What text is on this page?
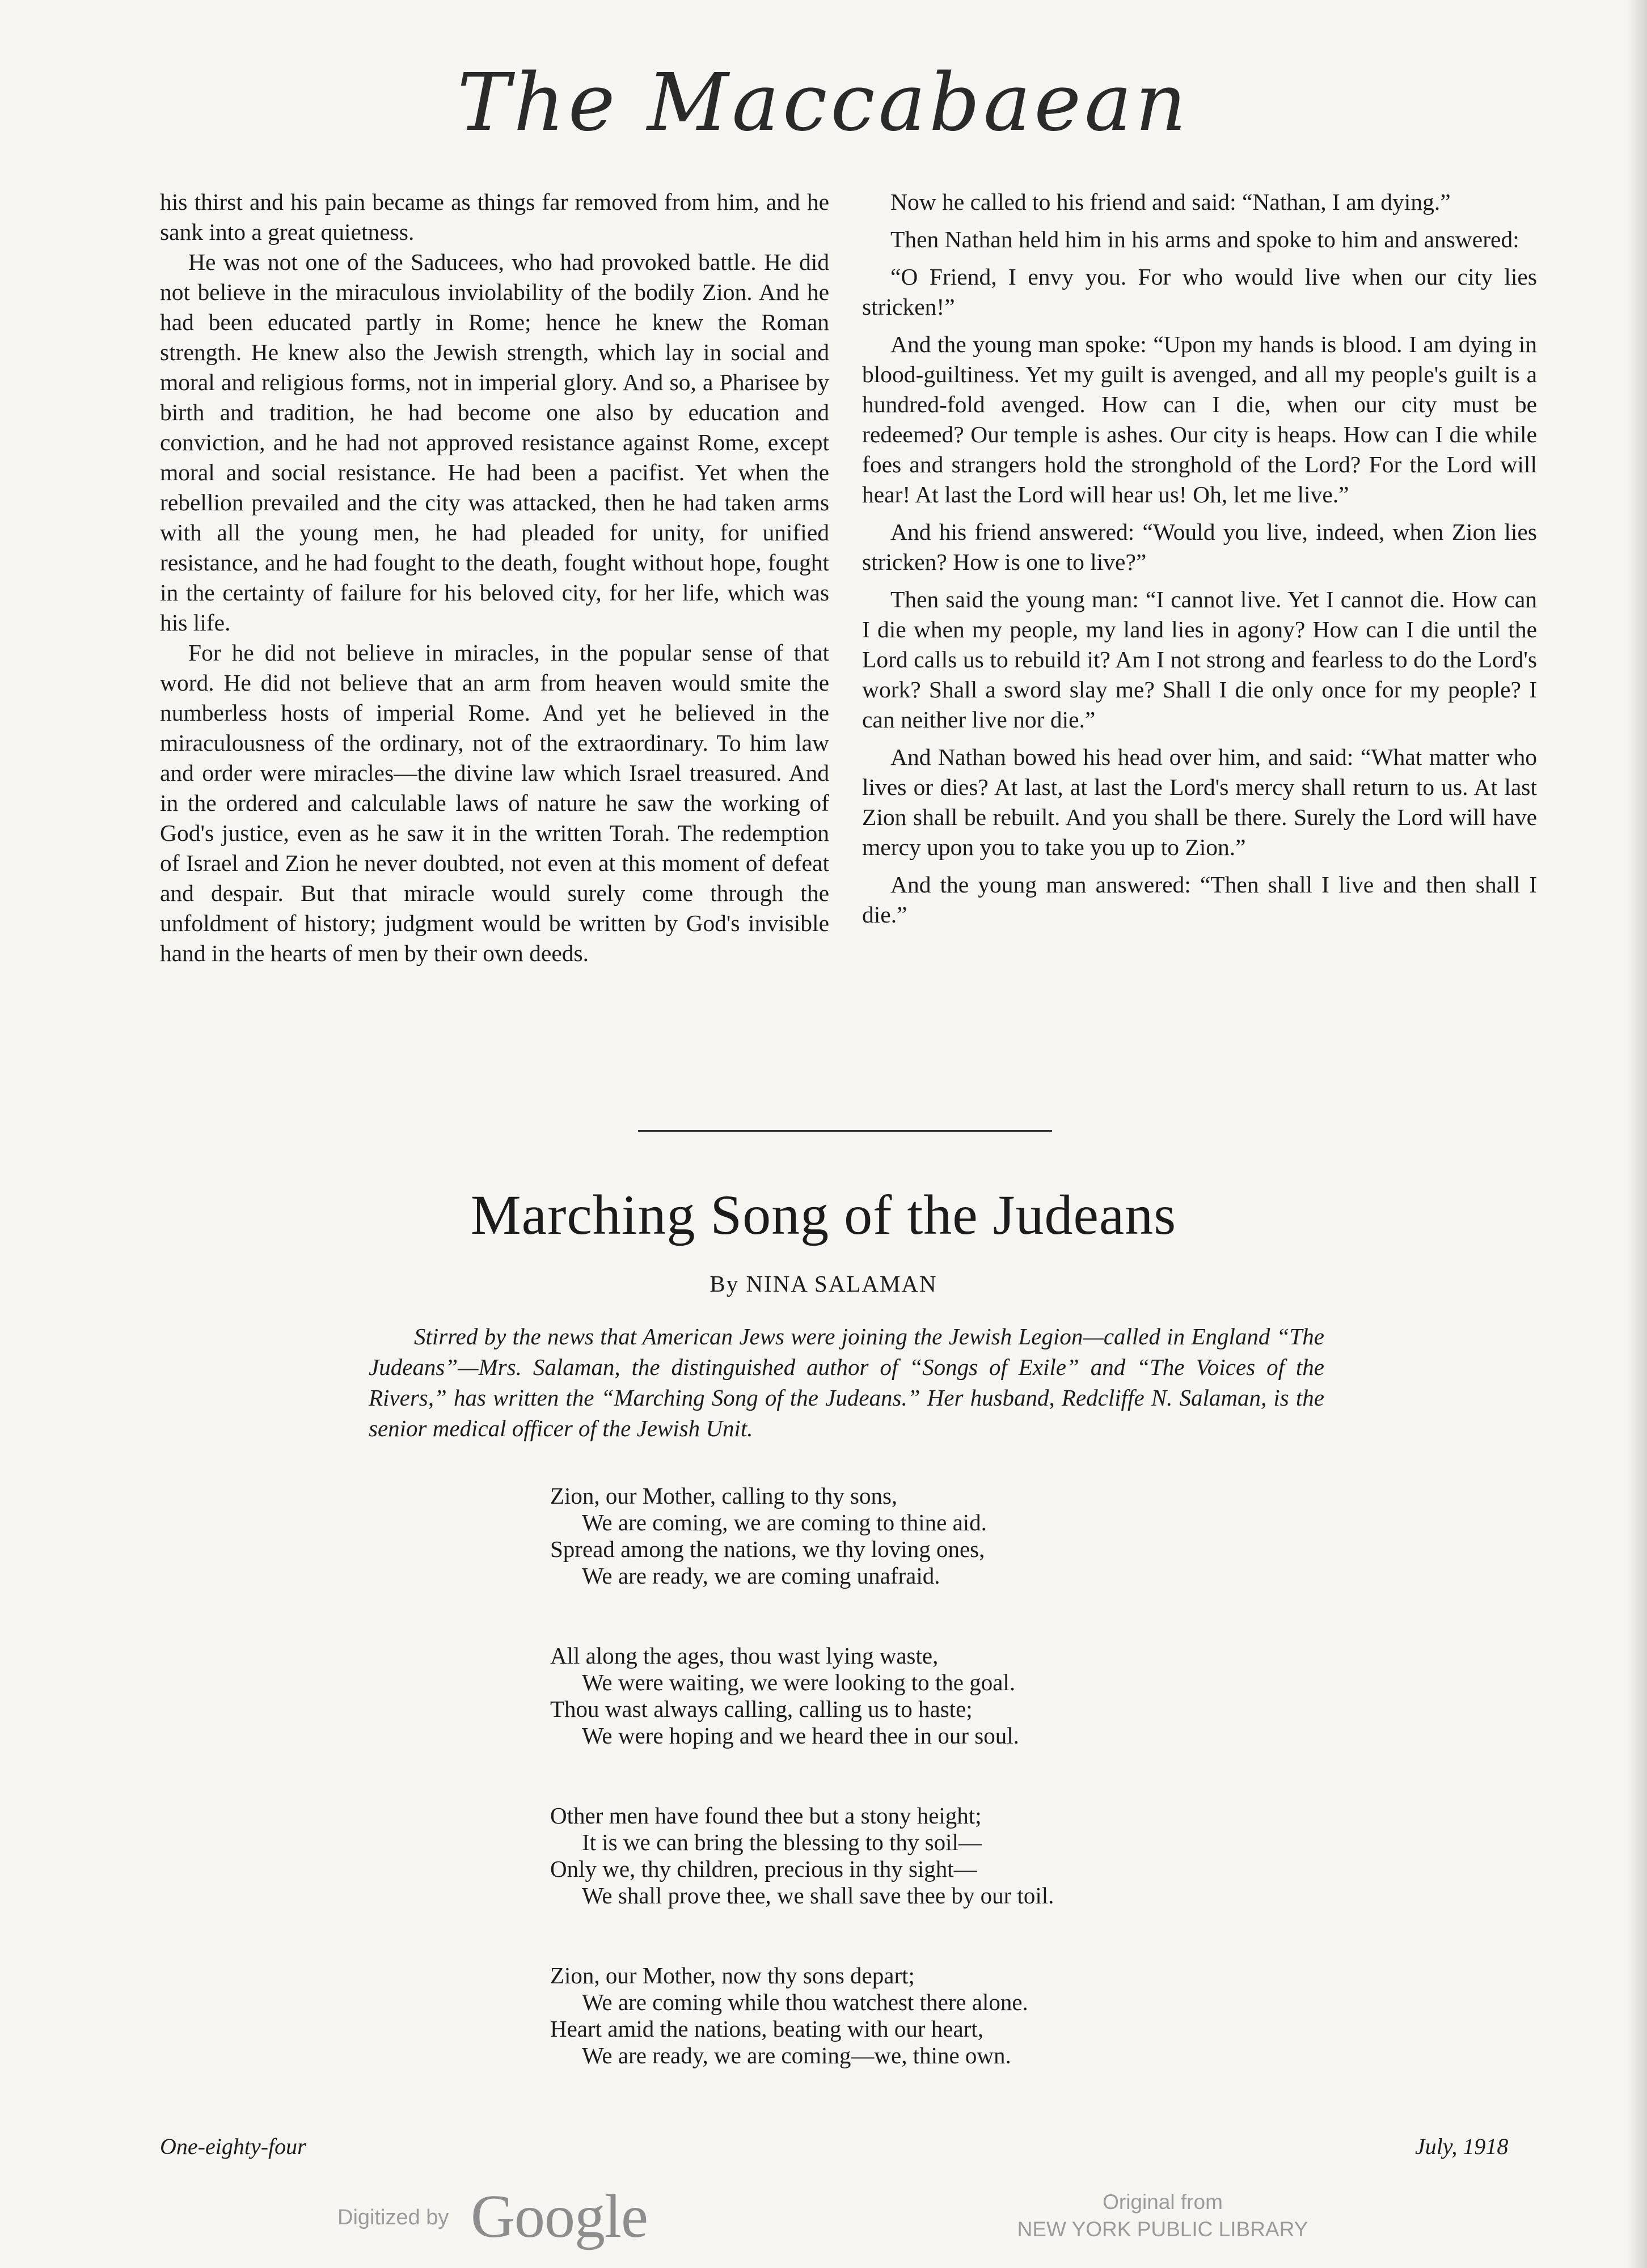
The Maccabaean

his thirst and his pain became as things far removed from him, and he sank into a great quietness.

He was not one of the Saducees, who had provoked battle. He did not believe in the miraculous inviolability of the bodily Zion. And he had been educated partly in Rome; hence he knew the Roman strength. He knew also the Jewish strength, which lay in social and moral and religious forms, not in imperial glory. And so, a Pharisee by birth and tradition, he had become one also by education and conviction, and he had not approved resistance against Rome, except moral and social resistance. He had been a pacifist. Yet when the rebellion prevailed and the city was attacked, then he had taken arms with all the young men, he had pleaded for unity, for unified resistance, and he had fought to the death, fought without hope, fought in the certainty of failure for his beloved city, for her life, which was his life.

For he did not believe in miracles, in the popular sense of that word. He did not believe that an arm from heaven would smite the numberless hosts of imperial Rome. And yet he believed in the miraculousness of the ordinary, not of the extraordinary. To him law and order were miracles—the divine law which Israel treasured. And in the ordered and calculable laws of nature he saw the working of God's justice, even as he saw it in the written Torah. The redemption of Israel and Zion he never doubted, not even at this moment of defeat and despair. But that miracle would surely come through the unfoldment of history; judgment would be written by God's invisible hand in the hearts of men by their own deeds.

Now he called to his friend and said: “Nathan, I am dying.”

Then Nathan held him in his arms and spoke to him and answered:

“O Friend, I envy you. For who would live when our city lies stricken!”

And the young man spoke: “Upon my hands is blood. I am dying in blood-guiltiness. Yet my guilt is avenged, and all my people's guilt is a hundred-fold avenged. How can I die, when our city must be redeemed? Our temple is ashes. Our city is heaps. How can I die while foes and strangers hold the stronghold of the Lord? For the Lord will hear! At last the Lord will hear us! Oh, let me live.”

And his friend answered: “Would you live, indeed, when Zion lies stricken? How is one to live?”

Then said the young man: “I cannot live. Yet I cannot die. How can I die when my people, my land lies in agony? How can I die until the Lord calls us to rebuild it? Am I not strong and fearless to do the Lord's work? Shall a sword slay me? Shall I die only once for my people? I can neither live nor die.”

And Nathan bowed his head over him, and said: “What matter who lives or dies? At last, at last the Lord's mercy shall return to us. At last Zion shall be rebuilt. And you shall be there. Surely the Lord will have mercy upon you to take you up to Zion.”

And the young man answered: “Then shall I live and then shall I die.”

Marching Song of the Judeans
By NINA SALAMAN

Stirred by the news that American Jews were joining the Jewish Legion—called in England “The Judeans”—Mrs. Salaman, the distinguished author of “Songs of Exile” and “The Voices of the Rivers,” has written the “Marching Song of the Judeans.” Her husband, Redcliffe N. Salaman, is the senior medical officer of the Jewish Unit.

Zion, our Mother, calling to thy sons,
We are coming, we are coming to thine aid.
Spread among the nations, we thy loving ones,
We are ready, we are coming unafraid.
All along the ages, thou wast lying waste,
We were waiting, we were looking to the goal.
Thou wast always calling, calling us to haste;
We were hoping and we heard thee in our soul.
Other men have found thee but a stony height;
It is we can bring the blessing to thy soil—
Only we, thy children, precious in thy sight—
We shall prove thee, we shall save thee by our toil.
Zion, our Mother, now thy sons depart;
We are coming while thou watchest there alone.
Heart amid the nations, beating with our heart,
We are ready, we are coming—we, thine own.
One-eighty-four	July, 1918
Digitized by Google	Original from
NEW YORK PUBLIC LIBRARY
